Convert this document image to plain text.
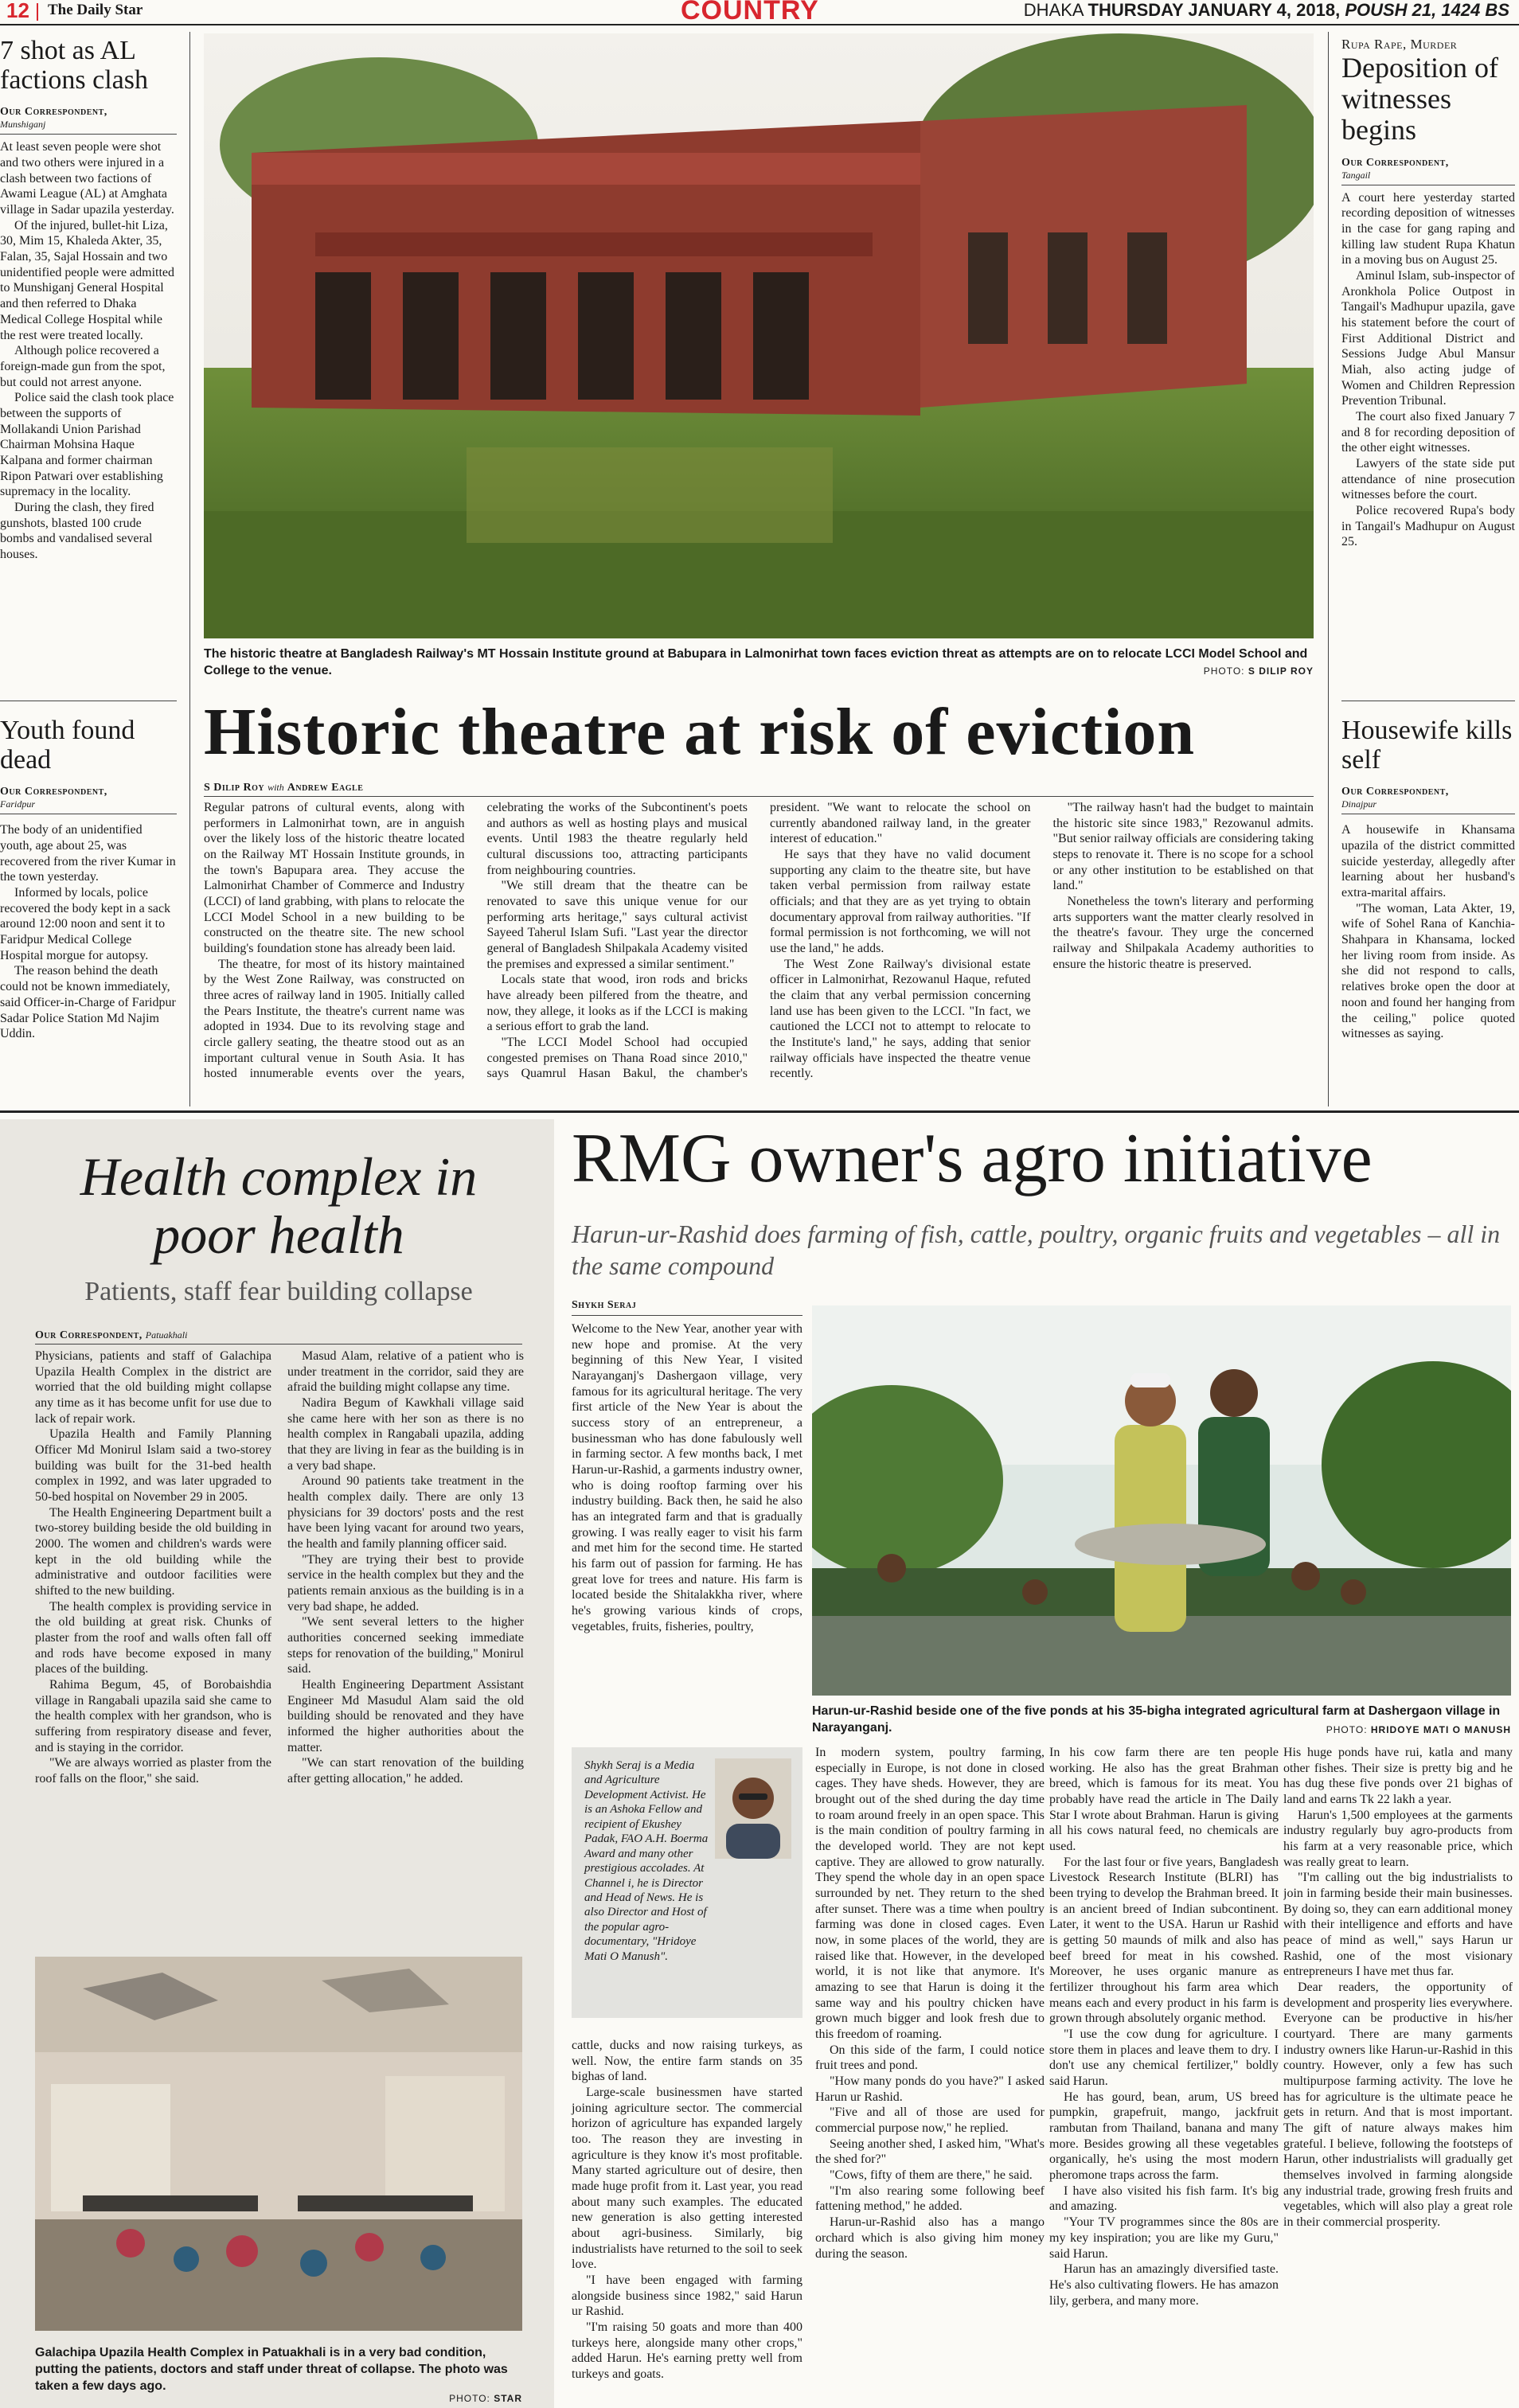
12 The Daily Star	COUNTRY	DHAKA THURSDAY JANUARY 4, 2018, POUSH 21, 1424 BS
7 shot as AL factions clash
Our Correspondent,
Munshiganj

At least seven people were shot and two others were injured in a clash between two factions of Awami League (AL) at Amghata village in Sadar upazila yesterday.

Of the injured, bullet-hit Liza, 30, Mim 15, Khaleda Akter, 35, Falan, 35, Sajal Hossain and two unidentified people were admitted to Munshiganj General Hospital and then referred to Dhaka Medical College Hospital while the rest were treated locally.

Although police recovered a foreign-made gun from the spot, but could not arrest anyone.

Police said the clash took place between the supports of Mollakandi Union Parishad Chairman Mohsina Haque Kalpana and former chairman Ripon Patwari over establishing supremacy in the locality.

During the clash, they fired gunshots, blasted 100 crude bombs and vandalised several houses.

Youth found dead
Our Correspondent,
Faridpur

The body of an unidentified youth, age about 25, was recovered from the river Kumar in the town yesterday.

Informed by locals, police recovered the body kept in a sack around 12:00 noon and sent it to Faridpur Medical College Hospital morgue for autopsy.

The reason behind the death could not be known immediately, said Officer-in-Charge of Faridpur Sadar Police Station Md Najim Uddin.

The historic theatre at Bangladesh Railway's MT Hossain Institute ground at Babupara in Lalmonirhat town faces eviction threat as attempts are on to relocate LCCI Model School and College to the venue.	PHOTO: S DILIP ROY
Historic theatre at risk of eviction
S Dilip Roy with Andrew Eagle

Regular patrons of cultural events, along with performers in Lalmonirhat town, are in anguish over the likely loss of the historic theatre located on the Railway MT Hossain Institute grounds, in the town's Bapupara area. They accuse the Lalmonirhat Chamber of Commerce and Industry (LCCI) of land grabbing, with plans to relocate the LCCI Model School in a new building to be constructed on the theatre site. The new school building's foundation stone has already been laid.

The theatre, for most of its history maintained by the West Zone Railway, was constructed on three acres of railway land in 1905. Initially called the Pears Institute, the theatre's current name was adopted in 1934. Due to its revolving stage and circle gallery seating, the theatre stood out as an important cultural venue in South Asia. It has hosted innumerable events over the years, celebrating the works of the Subcontinent's poets and authors as well as hosting plays and musical events. Until 1983 the theatre regularly held cultural discussions too, attracting participants from neighbouring countries.

"We still dream that the theatre can be renovated to save this unique venue for our performing arts heritage," says cultural activist Sayeed Taherul Islam Sufi. "Last year the director general of Bangladesh Shilpakala Academy visited the premises and expressed a similar sentiment."

Locals state that wood, iron rods and bricks have already been pilfered from the theatre, and now, they allege, it looks as if the LCCI is making a serious effort to grab the land.

"The LCCI Model School had occupied congested premises on Thana Road since 2010," says Quamrul Hasan Bakul, the chamber's president. "We want to relocate the school on currently abandoned railway land, in the greater interest of education."

He says that they have no valid document supporting any claim to the theatre site, but have taken verbal permission from railway estate officials; and that they are as yet trying to obtain documentary approval from railway authorities. "If formal permission is not forthcoming, we will not use the land," he adds.

The West Zone Railway's divisional estate officer in Lalmonirhat, Rezowanul Haque, refuted the claim that any verbal permission concerning land use has been given to the LCCI. "In fact, we cautioned the LCCI not to attempt to relocate to the Institute's land," he says, adding that senior railway officials have inspected the theatre venue recently.

"The railway hasn't had the budget to maintain the historic site since 1983," Rezowanul admits. "But senior railway officials are considering taking steps to renovate it. There is no scope for a school or any other institution to be established on that land."

Nonetheless the town's literary and performing arts supporters want the matter clearly resolved in the theatre's favour. They urge the concerned railway and Shilpakala Academy authorities to ensure the historic theatre is preserved.

Rupa Rape, Murder
Deposition of witnesses begins
Our Correspondent,
Tangail

A court here yesterday started recording deposition of witnesses in the case for gang raping and killing law student Rupa Khatun in a moving bus on August 25.

Aminul Islam, sub-inspector of Aronkhola Police Outpost in Tangail's Madhupur upazila, gave his statement before the court of First Additional District and Sessions Judge Abul Mansur Miah, also acting judge of Women and Children Repression Prevention Tribunal.

The court also fixed January 7 and 8 for recording deposition of the other eight witnesses.

Lawyers of the state side put attendance of nine prosecution witnesses before the court.

Police recovered Rupa's body in Tangail's Madhupur on August 25.

Housewife kills self
Our Correspondent,
Dinajpur

A housewife in Khansama upazila of the district committed suicide yesterday, allegedly after learning about her husband's extra-marital affairs.

"The woman, Lata Akter, 19, wife of Sohel Rana of Kanchia-Shahpara in Khansama, locked her living room from inside. As she did not respond to calls, relatives broke open the door at noon and found her hanging from the ceiling," police quoted witnesses as saying.

Health complex in poor health
Patients, staff fear building collapse
Our Correspondent, Patuakhali

Physicians, patients and staff of Galachipa Upazila Health Complex in the district are worried that the old building might collapse any time as it has become unfit for use due to lack of repair work.

Upazila Health and Family Planning Officer Md Monirul Islam said a two-storey building was built for the 31-bed health complex in 1992, and was later upgraded to 50-bed hospital on November 29 in 2005.

The Health Engineering Department built a two-storey building beside the old building in 2000. The women and children's wards were kept in the old building while the administrative and outdoor facilities were shifted to the new building.

The health complex is providing service in the old building at great risk. Chunks of plaster from the roof and walls often fall off and rods have become exposed in many places of the building.

Rahima Begum, 45, of Borobaishdia village in Rangabali upazila said she came to the health complex with her grandson, who is suffering from respiratory disease and fever, and is staying in the corridor.

"We are always worried as plaster from the roof falls on the floor," she said.

Masud Alam, relative of a patient who is under treatment in the corridor, said they are afraid the building might collapse any time.

Nadira Begum of Kawkhali village said she came here with her son as there is no health complex in Rangabali upazila, adding that they are living in fear as the building is in a very bad shape.

Around 90 patients take treatment in the health complex daily. There are only 13 physicians for 39 doctors' posts and the rest have been lying vacant for around two years, the health and family planning officer said.

"They are trying their best to provide service in the health complex but they and the patients remain anxious as the building is in a very bad shape, he added.

"We sent several letters to the higher authorities concerned seeking immediate steps for renovation of the building," Monirul said.

Health Engineering Department Assistant Engineer Md Masudul Alam said the old building should be renovated and they have informed the higher authorities about the matter.

"We can start renovation of the building after getting allocation," he added.

Galachipa Upazila Health Complex in Patuakhali is in a very bad condition, putting the patients, doctors and staff under threat of collapse. The photo was taken a few days ago.
PHOTO: STAR
RMG owner's agro initiative
Harun-ur-Rashid does farming of fish, cattle, poultry, organic fruits and vegetables – all in the same compound
Shykh Seraj

Welcome to the New Year, another year with new hope and promise. At the very beginning of this New Year, I visited Narayanganj's Dashergaon village, very famous for its agricultural heritage. The very first article of the New Year is about the success story of an entrepreneur, a businessman who has done fabulously well in farming sector. A few months back, I met Harun-ur-Rashid, a garments industry owner, who is doing rooftop farming over his industry building. Back then, he said he also has an integrated farm and that is gradually growing. I was really eager to visit his farm and met him for the second time. He started his farm out of passion for farming. He has great love for trees and nature. His farm is located beside the Shitalakkha river, where he's growing various kinds of crops, vegetables, fruits, fisheries, poultry,

Harun-ur-Rashid beside one of the five ponds at his 35-bigha integrated agricultural farm at Dashergaon village in Narayanganj.	PHOTO: HRIDOYE MATI O MANUSH
Shykh Seraj is a Media and Agriculture Development Activist. He is an Ashoka Fellow and recipient of Ekushey Padak, FAO A.H. Boerma Award and many other prestigious accolades. At Channel i, he is Director and Head of News. He is also Director and Host of the popular agro-documentary, "Hridoye Mati O Manush".

cattle, ducks and now raising turkeys, as well. Now, the entire farm stands on 35 bighas of land.

Large-scale businessmen have started joining agriculture sector. The commercial horizon of agriculture has expanded largely too. The reason they are investing in agriculture is they know it's most profitable. Many started agriculture out of desire, then made huge profit from it. Last year, you read about many such examples. The educated new generation is also getting interested about agri-business. Similarly, big industrialists have returned to the soil to seek love.

"I have been engaged with farming alongside business since 1982," said Harun ur Rashid.

"I'm raising 50 goats and more than 400 turkeys here, alongside many other crops," added Harun. He's earning pretty well from turkeys and goats.

In modern system, poultry farming, especially in Europe, is not done in closed cages. They have sheds. However, they are brought out of the shed during the day time to roam around freely in an open space. This is the main condition of poultry farming in the developed world. They are not kept captive. They are allowed to grow naturally. They spend the whole day in an open space surrounded by net. They return to the shed after sunset. There was a time when poultry farming was done in closed cages. Even now, in some places of the world, they are raised like that. However, in the developed world, it is not like that anymore. It's amazing to see that Harun is doing it the same way and his poultry chicken have grown much bigger and look fresh due to this freedom of roaming.

On this side of the farm, I could notice fruit trees and pond.

"How many ponds do you have?" I asked Harun ur Rashid.

"Five and all of those are used for commercial purpose now," he replied.

Seeing another shed, I asked him, "What's the shed for?"

"Cows, fifty of them are there," he said.

"I'm also rearing some following beef fattening method," he added.

Harun-ur-Rashid also has a mango orchard which is also giving him money during the season.

In his cow farm there are ten people working. He also has the great Brahman breed, which is famous for its meat. You probably have read the article in The Daily Star I wrote about Brahman. Harun is giving all his cows natural feed, no chemicals are used.

For the last four or five years, Bangladesh Livestock Research Institute (BLRI) has been trying to develop the Brahman breed. It is an ancient breed of Indian subcontinent. Later, it went to the USA. Harun ur Rashid is getting 50 maunds of milk and also has beef breed for meat in his cowshed. Moreover, he uses organic manure as fertilizer throughout his farm area which means each and every product in his farm is grown through absolutely organic method.

"I use the cow dung for agriculture. I store them in places and leave them to dry. I don't use any chemical fertilizer," boldly said Harun.

He has gourd, bean, arum, US breed pumpkin, grapefruit, mango, jackfruit rambutan from Thailand, banana and many more. Besides growing all these vegetables organically, he's using the most modern pheromone traps across the farm.

I have also visited his fish farm. It's big and amazing.

"Your TV programmes since the 80s are my key inspiration; you are like my Guru," said Harun.

Harun has an amazingly diversified taste. He's also cultivating flowers. He has amazon lily, gerbera, and many more.

His huge ponds have rui, katla and many other fishes. Their size is pretty big and he has dug these five ponds over 21 bighas of land and earns Tk 22 lakh a year.

Harun's 1,500 employees at the garments industry regularly buy agro-products from his farm at a very reasonable price, which was really great to learn.

"I'm calling out the big industrialists to join in farming beside their main businesses. By doing so, they can earn additional money with their intelligence and efforts and have peace of mind as well," says Harun ur Rashid, one of the most visionary entrepreneurs I have met thus far.

Dear readers, the opportunity of development and prosperity lies everywhere. Everyone can be productive in his/her courtyard. There are many garments industry owners like Harun-ur-Rashid in this country. However, only a few has such multipurpose farming activity. The love he has for agriculture is the ultimate peace he gets in return. And that is most important. The gift of nature always makes him grateful. I believe, following the footsteps of Harun, other industrialists will gradually get themselves involved in farming alongside any industrial trade, growing fresh fruits and vegetables, which will also play a great role in their commercial prosperity.
